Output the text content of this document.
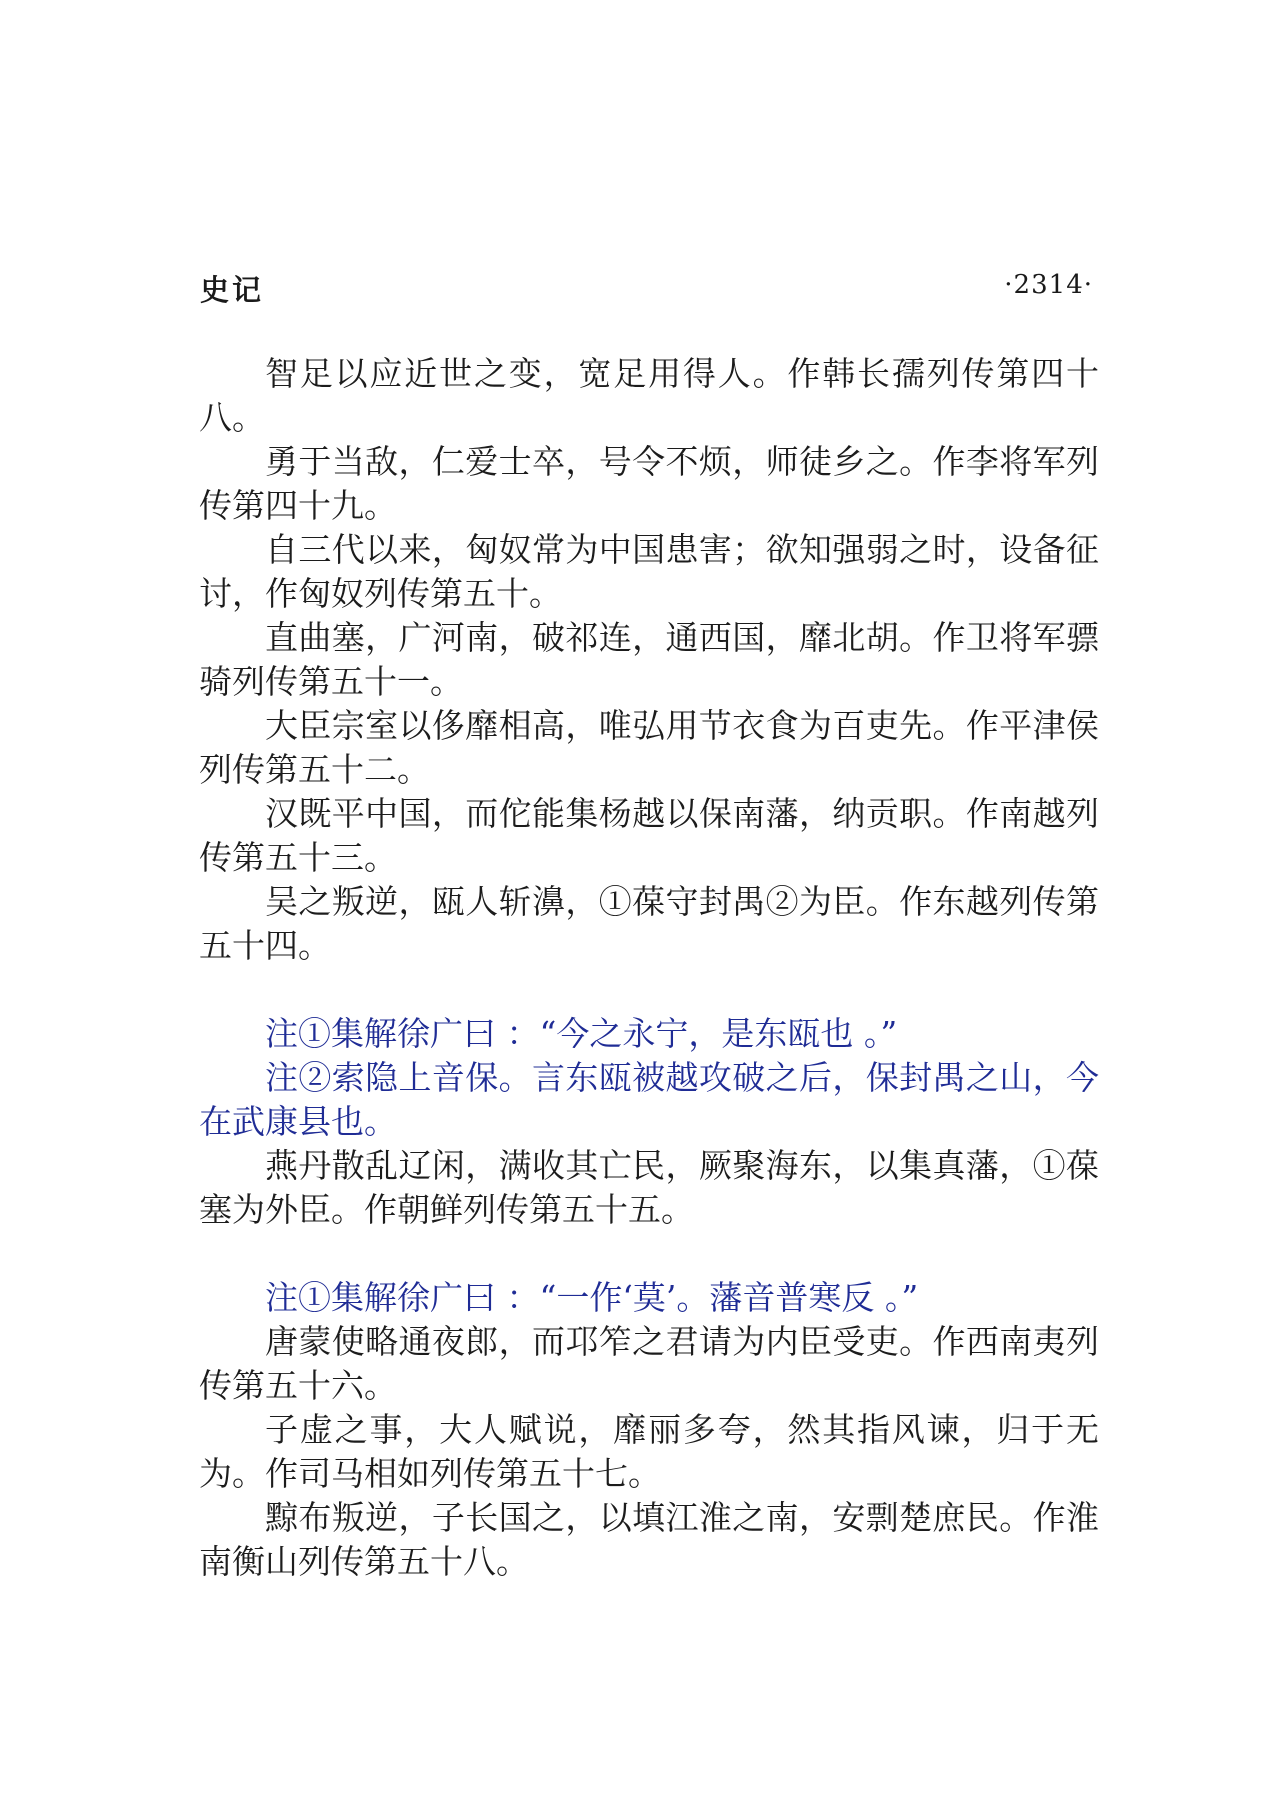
史记	·2314·

智足以应近世之变，宽足用得人。作韩长孺列传第四十八。

勇于当敌，仁爱士卒，号令不烦，师徒乡之。作李将军列传第四十九。

自三代以来，匈奴常为中国患害；欲知强弱之时，设备征讨，作匈奴列传第五十。

直曲塞，广河南，破祁连，通西国，靡北胡。作卫将军骠骑列传第五十一。

大臣宗室以侈靡相高，唯弘用节衣食为百吏先。作平津侯列传第五十二。

汉既平中国，而佗能集杨越以保南藩，纳贡职。作南越列传第五十三。

吴之叛逆，瓯人斩濞，①葆守封禺②为臣。作东越列传第五十四。

注①集解徐广曰 ：“今之永宁，是东瓯也 。”

注②索隐上音保。言东瓯被越攻破之后，保封禺之山，今在武康县也。

燕丹散乱辽闲，满收其亡民，厥聚海东，以集真藩，①葆塞为外臣。作朝鲜列传第五十五。

注①集解徐广曰 ：“一作‘莫’。藩音普寒反 。”

唐蒙使略通夜郎，而邛笮之君请为内臣受吏。作西南夷列传第五十六。

子虚之事，大人赋说，靡丽多夸，然其指风谏，归于无为。作司马相如列传第五十七。

黥布叛逆，子长国之，以填江淮之南，安剽楚庶民。作淮南衡山列传第五十八。
